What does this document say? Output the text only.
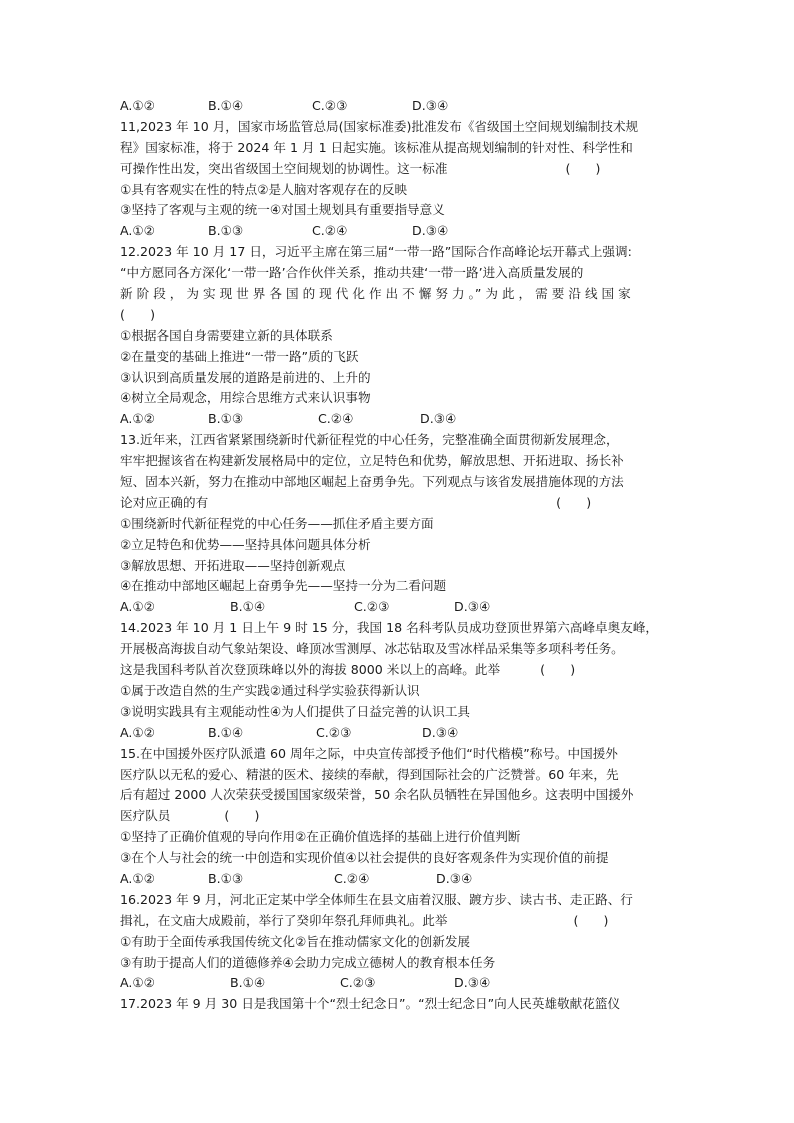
A.①②	B.①④	C.②③	D.③④
11,2023 年 10 月，国家市场监管总局(国家标准委)批准发布《省级国土空间规划编制技术规
程》国家标准，将于 2024 年 1 月 1 日起实施。该标准从提高规划编制的针对性、科学性和
可操作性出发，突出省级国土空间规划的协调性。这一标准	(　　)
①具有客观实在性的特点②是人脑对客观存在的反映
③坚持了客观与主观的统一④对国土规划具有重要指导意义
A.①②	B.①③	C.②④	D.③④
12.2023 年 10 月 17 日，习近平主席在第三届“一带一路”国际合作高峰论坛开幕式上强调:
“中方愿同各方深化‘一带一路’合作伙伴关系，推动共建‘一带一路’进入高质量发展的
新 阶 段 ， 为 实 现 世 界 各 国 的 现 代 化 作 出 不 懈 努 力 。” 为 此 ， 需 要 沿 线 国 家
(　　)
①根据各国自身需要建立新的具体联系
②在量变的基础上推进“一带一路”质的飞跃
③认识到高质量发展的道路是前进的、上升的
④树立全局观念，用综合思维方式来认识事物
A.①②	B.①③	C.②④	D.③④
13.近年来，江西省紧紧围绕新时代新征程党的中心任务，完整准确全面贯彻新发展理念，
牢牢把握该省在构建新发展格局中的定位，立足特色和优势，解放思想、开拓进取、扬长补
短、固本兴新，努力在推动中部地区崛起上奋勇争先。下列观点与该省发展措施体现的方法
论对应正确的有	(　　)
①围绕新时代新征程党的中心任务——抓住矛盾主要方面
②立足特色和优势——坚持具体问题具体分析
③解放思想、开拓进取——坚持创新观点
④在推动中部地区崛起上奋勇争先——坚持一分为二看问题
A.①②	B.①④	C.②③	D.③④
14.2023 年 10 月 1 日上午 9 时 15 分，我国 18 名科考队员成功登顶世界第六高峰卓奥友峰，
开展极高海拔自动气象站架设、峰顶冰雪测厚、冰芯钻取及雪冰样品采集等多项科考任务。
这是我国科考队首次登顶珠峰以外的海拔 8000 米以上的高峰。此举	(　　)
①属于改造自然的生产实践②通过科学实验获得新认识
③说明实践具有主观能动性④为人们提供了日益完善的认识工具
A.①②	B.①④	C.②③	D.③④
15.在中国援外医疗队派遣 60 周年之际，中央宣传部授予他们“时代楷模”称号。中国援外
医疗队以无私的爱心、精湛的医术、接续的奉献，得到国际社会的广泛赞誉。60 年来，先
后有超过 2000 人次荣获受援国国家级荣誉，50 余名队员牺牲在异国他乡。这表明中国援外
医疗队员	(　　)
①坚持了正确价值观的导向作用②在正确价值选择的基础上进行价值判断
③在个人与社会的统一中创造和实现价值④以社会提供的良好客观条件为实现价值的前提
A.①②	B.①③	C.②④	D.③④
16.2023 年 9 月，河北正定某中学全体师生在县文庙着汉服、踱方步、读古书、走正路、行
揖礼，在文庙大成殿前，举行了癸卯年祭孔拜师典礼。此举	(　　)
①有助于全面传承我国传统文化②旨在推动儒家文化的创新发展
③有助于提高人们的道德修养④会助力完成立德树人的教育根本任务
A.①②	B.①④	C.②③	D.③④
17.2023 年 9 月 30 日是我国第十个“烈士纪念日”。“烈士纪念日”向人民英雄敬献花篮仪
